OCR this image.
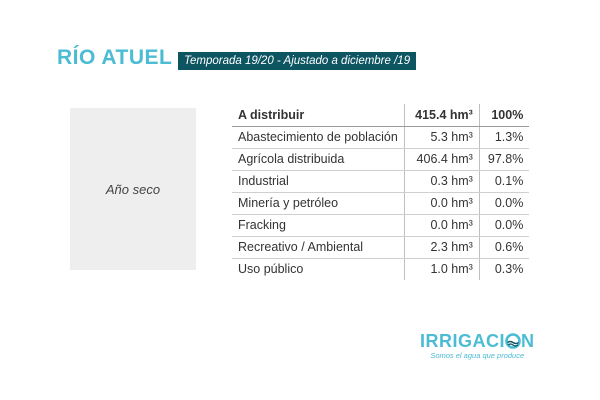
RÍO ATUEL	Temporada 19/20 - Ajustado a diciembre /19
Año seco
A distribuir	415.4 hm³	100%
Abastecimiento de población	5.3 hm³	1.3%
Agrícola distribuida	406.4 hm³	97.8%
Industrial	0.3 hm³	0.1%
Minería y petróleo	0.0 hm³	0.0%
Fracking	0.0 hm³	0.0%
Recreativo / Ambiental	2.3 hm³	0.6%
Uso público	1.0 hm³	0.3%
IRRIGACI N
Somos el agua que produce
